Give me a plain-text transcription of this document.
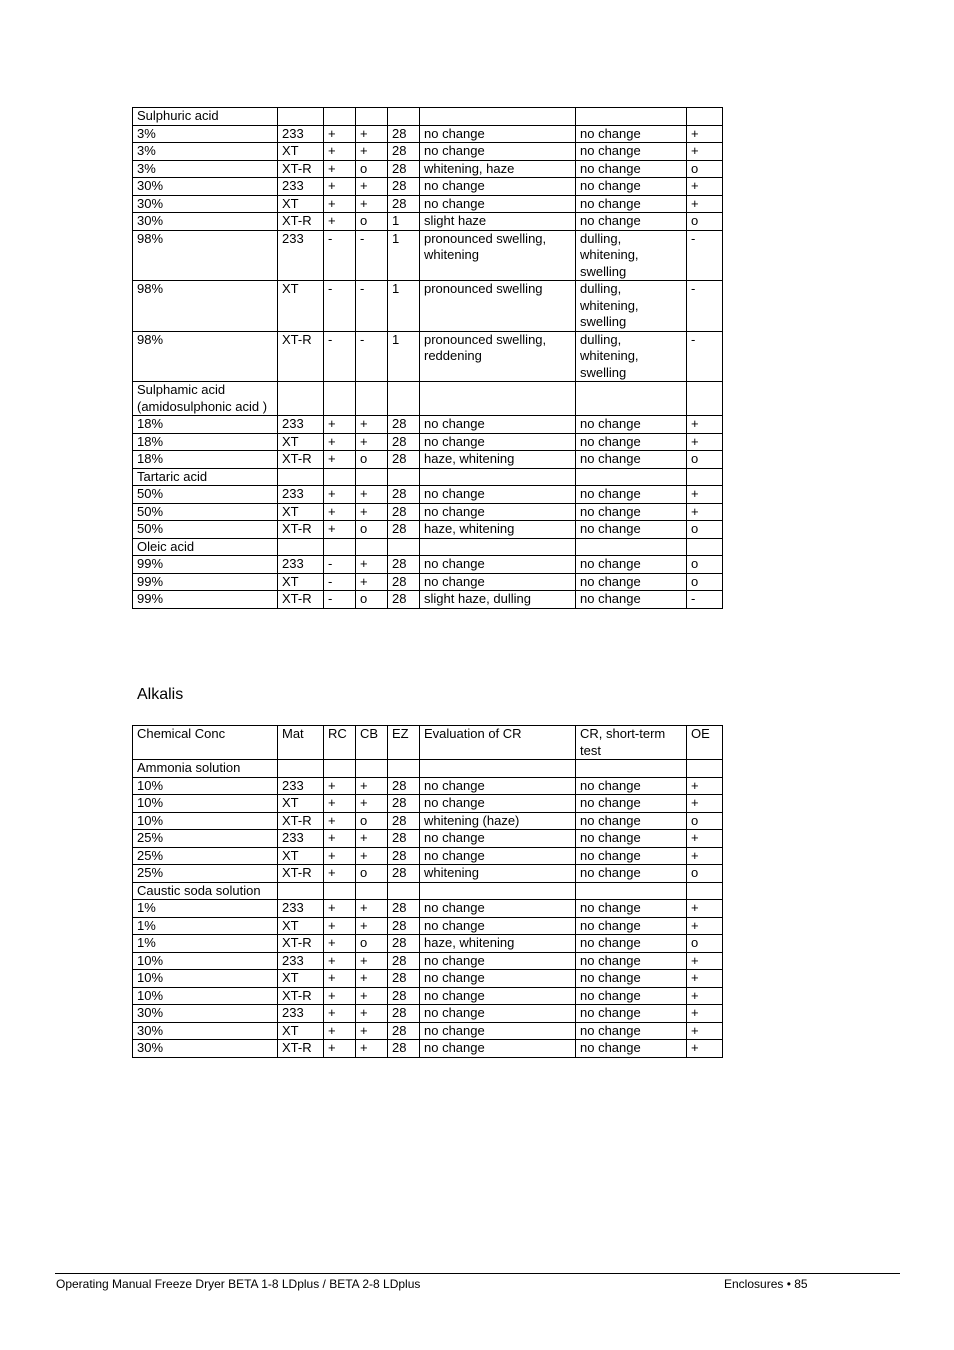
Sulphuric acid							
3%	233	+	+	28	no change	no change	+
3%	XT	+	+	28	no change	no change	+
3%	XT-R	+	o	28	whitening, haze	no change	o
30%	233	+	+	28	no change	no change	+
30%	XT	+	+	28	no change	no change	+
30%	XT-R	+	o	1	slight haze	no change	o
98%	233	-	-	1	pronounced swelling, whitening	dulling, whitening, swelling	-
98%	XT	-	-	1	pronounced swelling	dulling, whitening, swelling	-
98%	XT-R	-	-	1	pronounced swelling, reddening	dulling, whitening, swelling	-
Sulphamic acid (amidosulphonic acid )							
18%	233	+	+	28	no change	no change	+
18%	XT	+	+	28	no change	no change	+
18%	XT-R	+	o	28	haze, whitening	no change	o
Tartaric acid							
50%	233	+	+	28	no change	no change	+
50%	XT	+	+	28	no change	no change	+
50%	XT-R	+	o	28	haze, whitening	no change	o
Oleic acid							
99%	233	-	+	28	no change	no change	o
99%	XT	-	+	28	no change	no change	o
99%	XT-R	-	o	28	slight haze, dulling	no change	-
Alkalis
Chemical Conc	Mat	RC	CB	EZ	Evaluation of CR	CR, short-term test	OE
Ammonia solution							
10%	233	+	+	28	no change	no change	+
10%	XT	+	+	28	no change	no change	+
10%	XT-R	+	o	28	whitening (haze)	no change	o
25%	233	+	+	28	no change	no change	+
25%	XT	+	+	28	no change	no change	+
25%	XT-R	+	o	28	whitening	no change	o
Caustic soda solution							
1%	233	+	+	28	no change	no change	+
1%	XT	+	+	28	no change	no change	+
1%	XT-R	+	o	28	haze, whitening	no change	o
10%	233	+	+	28	no change	no change	+
10%	XT	+	+	28	no change	no change	+
10%	XT-R	+	+	28	no change	no change	+
30%	233	+	+	28	no change	no change	+
30%	XT	+	+	28	no change	no change	+
30%	XT-R	+	+	28	no change	no change	+
Operating Manual Freeze Dryer BETA 1-8 LDplus / BETA 2-8 LDplus	Enclosures • 85
